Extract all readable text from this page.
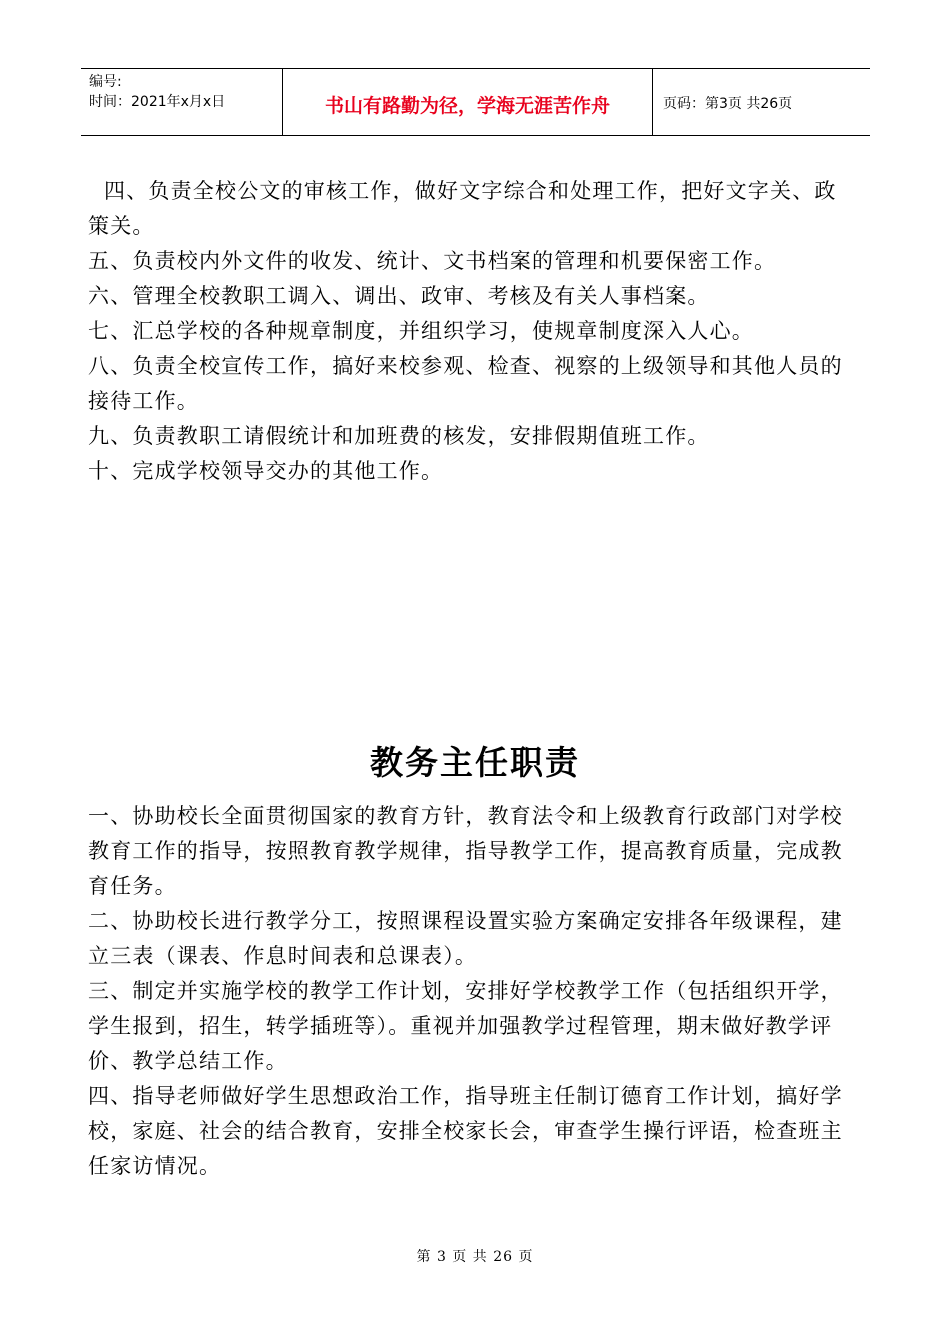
编号:
时间：2021年x月x日	书山有路勤为径，学海无涯苦作舟	页码：第3页 共26页

四、负责全校公文的审核工作，做好文字综合和处理工作，把好文字关、政策关。

五、负责校内外文件的收发、统计、文书档案的管理和机要保密工作。

六、管理全校教职工调入、调出、政审、考核及有关人事档案。

七、汇总学校的各种规章制度，并组织学习，使规章制度深入人心。

八、负责全校宣传工作，搞好来校参观、检查、视察的上级领导和其他人员的接待工作。

九、负责教职工请假统计和加班费的核发，安排假期值班工作。

十、完成学校领导交办的其他工作。

教务主任职责

一、协助校长全面贯彻国家的教育方针，教育法令和上级教育行政部门对学校教育工作的指导，按照教育教学规律，指导教学工作，提高教育质量，完成教育任务。

二、协助校长进行教学分工，按照课程设置实验方案确定安排各年级课程，建立三表（课表、作息时间表和总课表）。

三、制定并实施学校的教学工作计划，安排好学校教学工作（包括组织开学，学生报到，招生，转学插班等）。重视并加强教学过程管理，期末做好教学评价、教学总结工作。

四、指导老师做好学生思想政治工作，指导班主任制订德育工作计划，搞好学校，家庭、社会的结合教育，安排全校家长会，审查学生操行评语，检查班主任家访情况。

第 3 页 共 26 页
